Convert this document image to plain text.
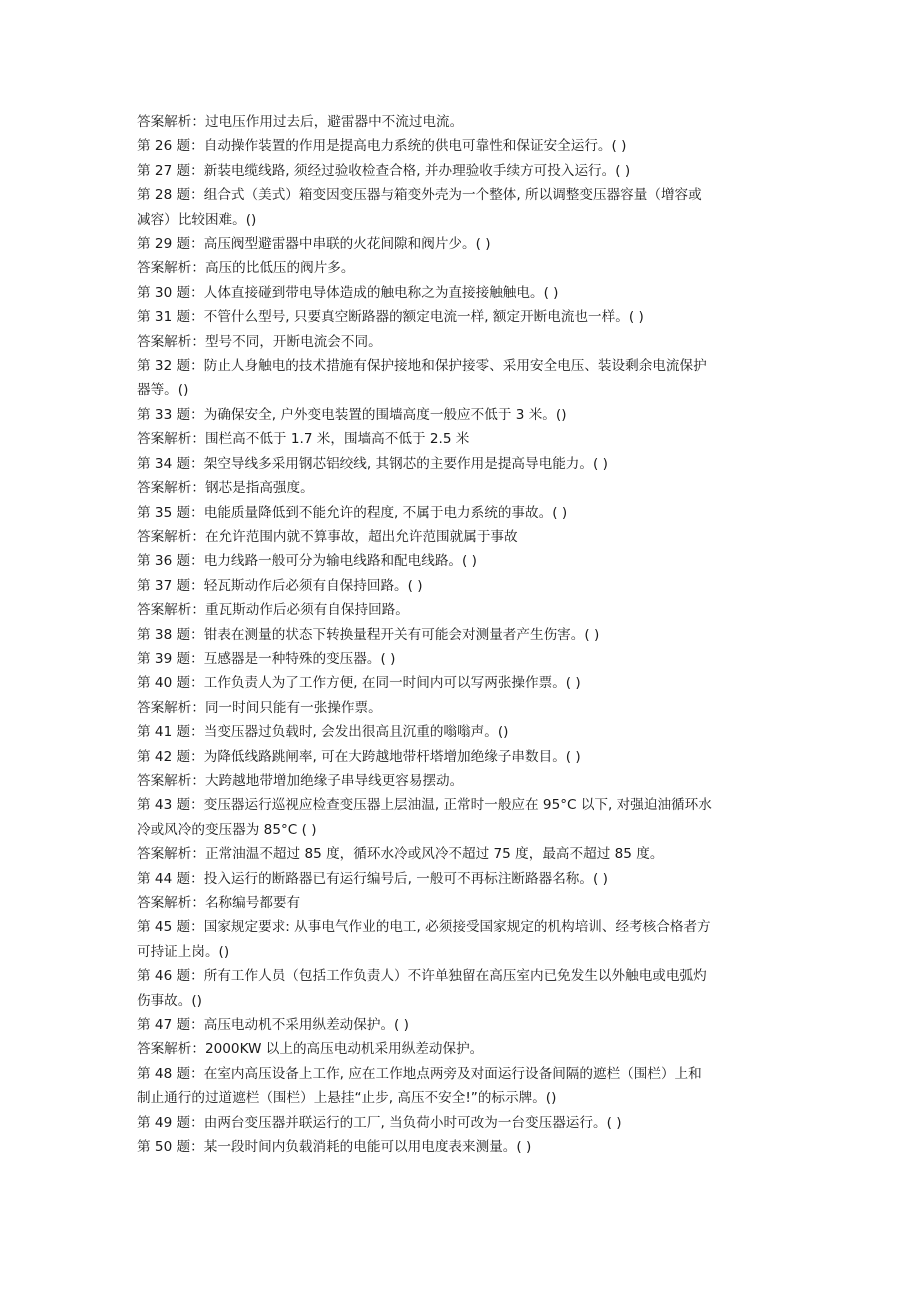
答案解析：过电压作用过去后，避雷器中不流过电流。
第 26 题：自动操作装置的作用是提高电力系统的供电可靠性和保证安全运行。( )
第 27 题：新装电缆线路, 须经过验收检查合格, 并办理验收手续方可投入运行。( )
第 28 题：组合式（美式）箱变因变压器与箱变外壳为一个整体, 所以调整变压器容量（增容或
减容）比较困难。()
第 29 题：高压阀型避雷器中串联的火花间隙和阀片少。( )
答案解析：高压的比低压的阀片多。
第 30 题：人体直接碰到带电导体造成的触电称之为直接接触触电。( )
第 31 题：不管什么型号, 只要真空断路器的额定电流一样, 额定开断电流也一样。( )
答案解析：型号不同，开断电流会不同。
第 32 题：防止人身触电的技术措施有保护接地和保护接零、采用安全电压、装设剩余电流保护
器等。()
第 33 题：为确保安全, 户外变电装置的围墙高度一般应不低于 3 米。()
答案解析：围栏高不低于 1.7 米，围墙高不低于 2.5 米
第 34 题：架空导线多采用钢芯铝绞线, 其钢芯的主要作用是提高导电能力。( )
答案解析：钢芯是指高强度。
第 35 题：电能质量降低到不能允许的程度, 不属于电力系统的事故。( )
答案解析：在允许范围内就不算事故，超出允许范围就属于事故
第 36 题：电力线路一般可分为输电线路和配电线路。( )
第 37 题：轻瓦斯动作后必须有自保持回路。( )
答案解析：重瓦斯动作后必须有自保持回路。
第 38 题：钳表在测量的状态下转换量程开关有可能会对测量者产生伤害。( )
第 39 题：互感器是一种特殊的变压器。( )
第 40 题：工作负责人为了工作方便, 在同一时间内可以写两张操作票。( )
答案解析：同一时间只能有一张操作票。
第 41 题：当变压器过负载时, 会发出很高且沉重的嗡嗡声。()
第 42 题：为降低线路跳闸率, 可在大跨越地带杆塔增加绝缘子串数目。( )
答案解析：大跨越地带增加绝缘子串导线更容易摆动。
第 43 题：变压器运行巡视应检查变压器上层油温, 正常时一般应在 95°C 以下, 对强迫油循环水
冷或风冷的变压器为 85°C ( )
答案解析：正常油温不超过 85 度，循环水冷或风冷不超过 75 度，最高不超过 85 度。
第 44 题：投入运行的断路器已有运行编号后, 一般可不再标注断路器名称。( )
答案解析：名称编号都要有
第 45 题：国家规定要求: 从事电气作业的电工, 必须接受国家规定的机构培训、经考核合格者方
可持证上岗。()
第 46 题：所有工作人员（包括工作负责人）不许单独留在高压室内已免发生以外触电或电弧灼
伤事故。()
第 47 题：高压电动机不采用纵差动保护。( )
答案解析：2000KW 以上的高压电动机采用纵差动保护。
第 48 题：在室内高压设备上工作, 应在工作地点两旁及对面运行设备间隔的遮栏（围栏）上和
制止通行的过道遮栏（围栏）上悬挂“止步, 高压不安全!”的标示牌。()
第 49 题：由两台变压器并联运行的工厂, 当负荷小时可改为一台变压器运行。( )
第 50 题：某一段时间内负载消耗的电能可以用电度表来测量。( )
